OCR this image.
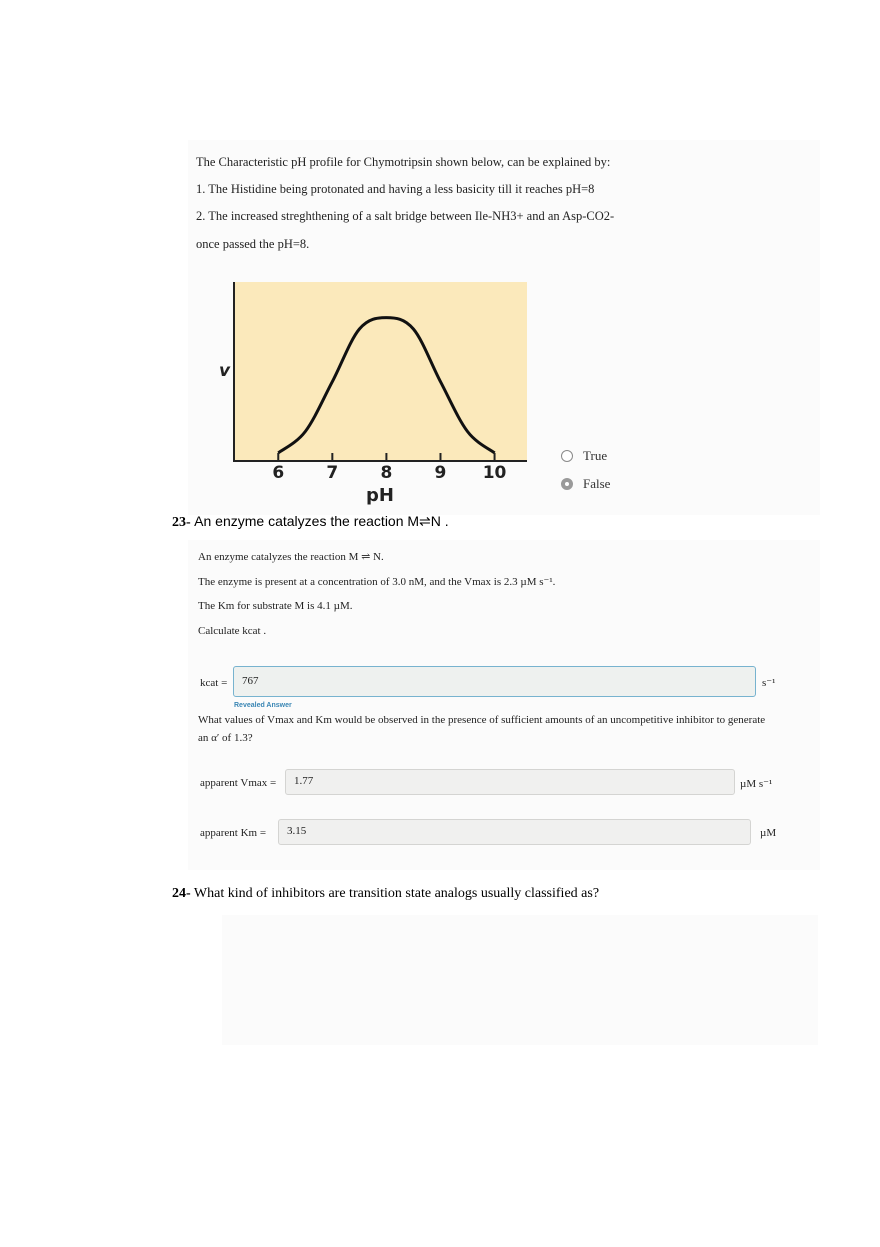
The Characteristic pH profile for Chymotripsin shown below, can be explained by:
1. The Histidine being protonated and having a less basicity till it reaches pH=8
2. The increased streghthening of a salt bridge between Ile-NH3+ and an Asp-CO2-
once passed the pH=8.
6 7 8 9 10
v
pH
True
False
23- An enzyme catalyzes the reaction M⇌N .
An enzyme catalyzes the reaction M ⇌ N.
The enzyme is present at a concentration of 3.0 nM, and the Vmax is 2.3 µM s⁻¹.
The Km for substrate M is 4.1 µM.
Calculate kcat .
kcat =	767	s⁻¹
Revealed Answer
What values of Vmax and Km would be observed in the presence of sufficient amounts of an uncompetitive inhibitor to generate an α′ of 1.3?
apparent Vmax =	1.77	µM s⁻¹
apparent Km =	3.15	µM
24- What kind of inhibitors are transition state analogs usually classified as?
